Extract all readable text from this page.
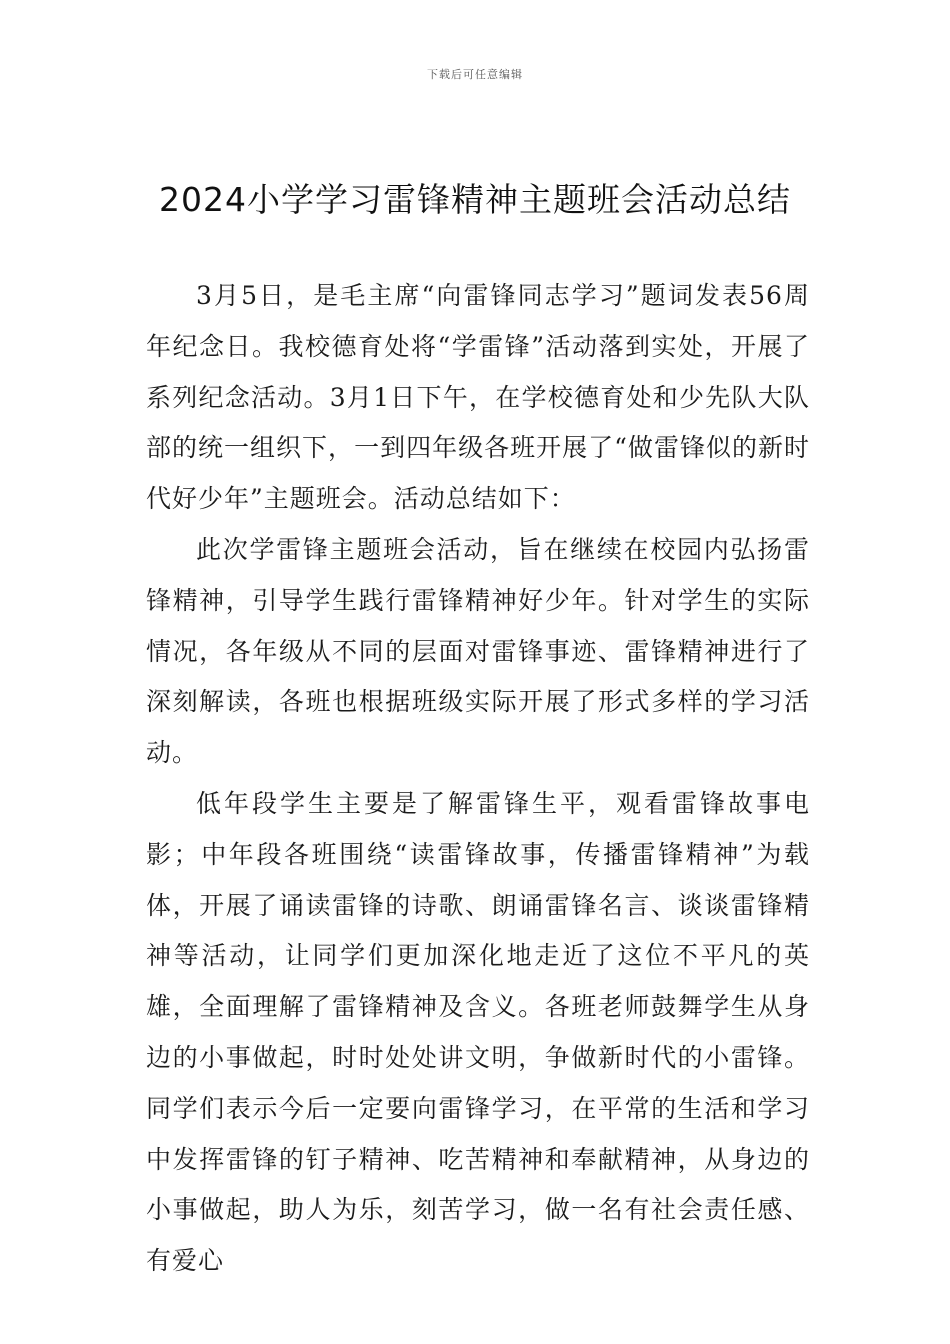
下载后可任意编辑
2024小学学习雷锋精神主题班会活动总结

3月5日，是毛主席“向雷锋同志学习”题词发表56周年纪念日。我校德育处将“学雷锋”活动落到实处，开展了系列纪念活动。3月1日下午，在学校德育处和少先队大队部的统一组织下，一到四年级各班开展了“做雷锋似的新时代好少年”主题班会。活动总结如下：

此次学雷锋主题班会活动，旨在继续在校园内弘扬雷锋精神，引导学生践行雷锋精神好少年。针对学生的实际情况，各年级从不同的层面对雷锋事迹、雷锋精神进行了深刻解读，各班也根据班级实际开展了形式多样的学习活动。

低年段学生主要是了解雷锋生平，观看雷锋故事电影；中年段各班围绕“读雷锋故事，传播雷锋精神”为载体，开展了诵读雷锋的诗歌、朗诵雷锋名言、谈谈雷锋精神等活动，让同学们更加深化地走近了这位不平凡的英雄，全面理解了雷锋精神及含义。各班老师鼓舞学生从身边的小事做起，时时处处讲文明，争做新时代的小雷锋。同学们表示今后一定要向雷锋学习，在平常的生活和学习中发挥雷锋的钉子精神、吃苦精神和奉献精神，从身边的小事做起，助人为乐，刻苦学习，做一名有社会责任感、有爱心
